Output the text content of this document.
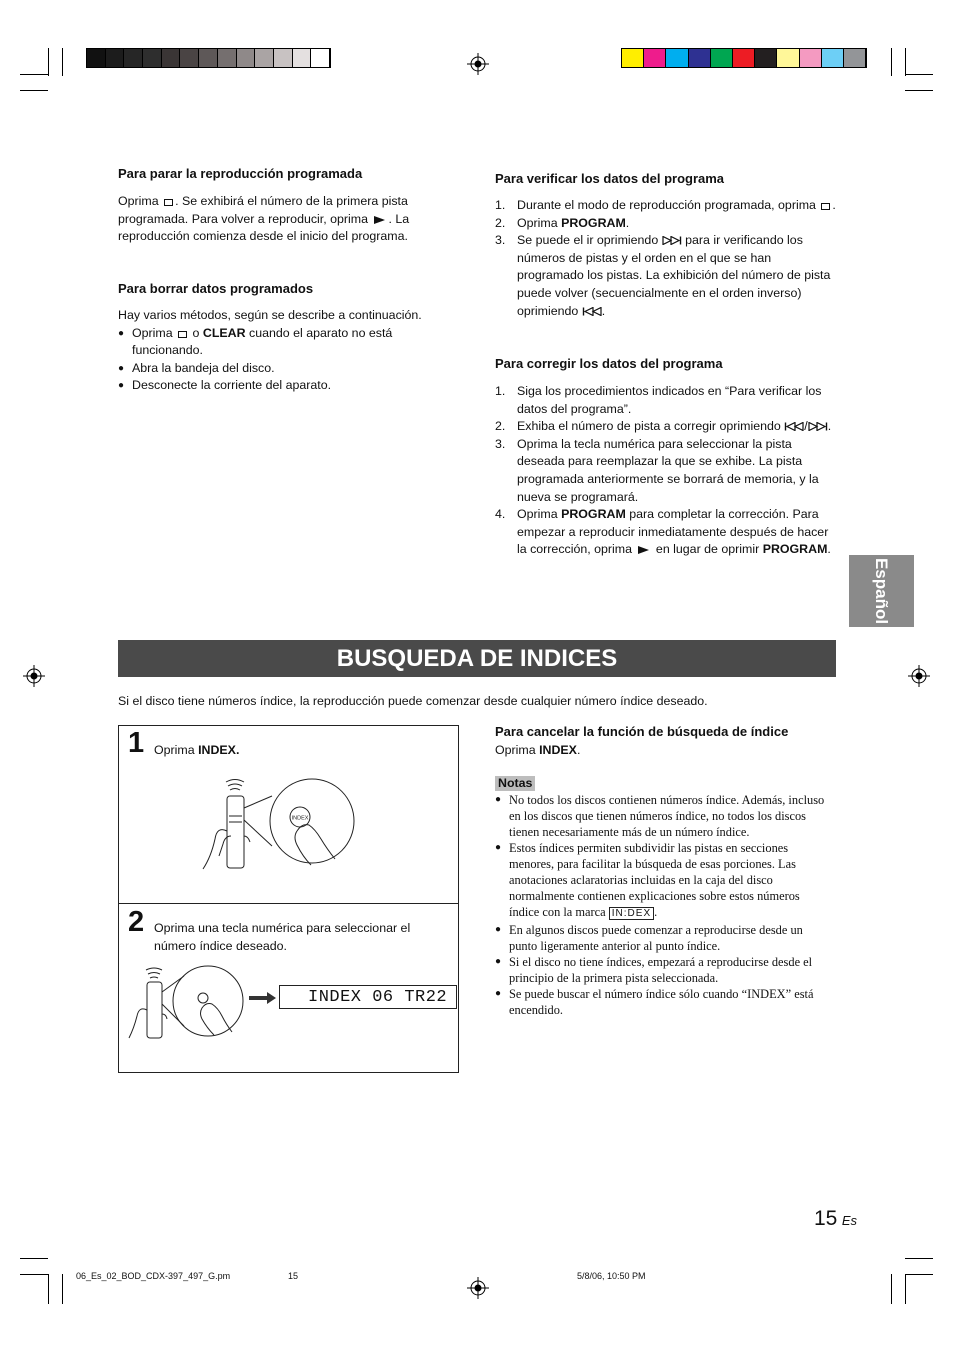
Para parar la reproducción programada
Oprima . Se exhibirá el número de la primera pista
programada. Para volver a reproducir, oprima . La
reproducción comienza desde el inicio del programa.
Para borrar datos programados
Hay varios métodos, según se describe a continuación.
● Oprima o CLEAR cuando el aparato no está funcionando.
● Abra la bandeja del disco.
● Desconecte la corriente del aparato.
Para verificar los datos del programa
1. Durante el modo de reproducción programada, oprima .
2. Oprima PROGRAM.
3. Se puede el ir oprimiendo para ir verificando los números de pistas y el orden en el que se han programado los pistas. La exhibición del número de pista puede volver (secuencialmente en el orden inverso) oprimiendo .
Para corregir los datos del programa
1. Siga los procedimientos indicados en “Para verificar los datos del programa”.
2. Exhiba el número de pista a corregir oprimiendo / .
3. Oprima la tecla numérica para seleccionar la pista deseada para reemplazar la que se exhibe. La pista programada anteriormente se borrará de memoria, y la nueva se programará.
4. Oprima PROGRAM para completar la corrección. Para empezar a reproducir inmediatamente después de hacer la corrección, oprima en lugar de oprimir PROGRAM.
Español
BUSQUEDA DE INDICES
Si el disco tiene números índice, la reproducción puede comenzar desde cualquier número índice deseado.
1 Oprima INDEX.
INDEX
2 Oprima una tecla numérica para seleccionar el número índice deseado.
INDEX 06 TR22
Para cancelar la función de búsqueda de índice
Oprima INDEX.
Notas
● No todos los discos contienen números índice. Además, incluso en los discos que tienen números índice, no todos los discos tienen necesariamente más de un número índice.
● Estos índices permiten subdividir las pistas en secciones menores, para facilitar la búsqueda de esas porciones. Las anotaciones aclaratorias incluidas en la caja del disco normalmente contienen explicaciones sobre estos números índice con la marca IN:DEX .
● En algunos discos puede comenzar a reproducirse desde un punto ligeramente anterior al punto índice.
● Si el disco no tiene índices, empezará a reproducirse desde el principio de la primera pista seleccionada.
● Se puede buscar el número índice sólo cuando “INDEX” está encendido.
15 Es
06_Es_02_BOD_CDX-397_497_G.pm	15	5/8/06, 10:50 PM
